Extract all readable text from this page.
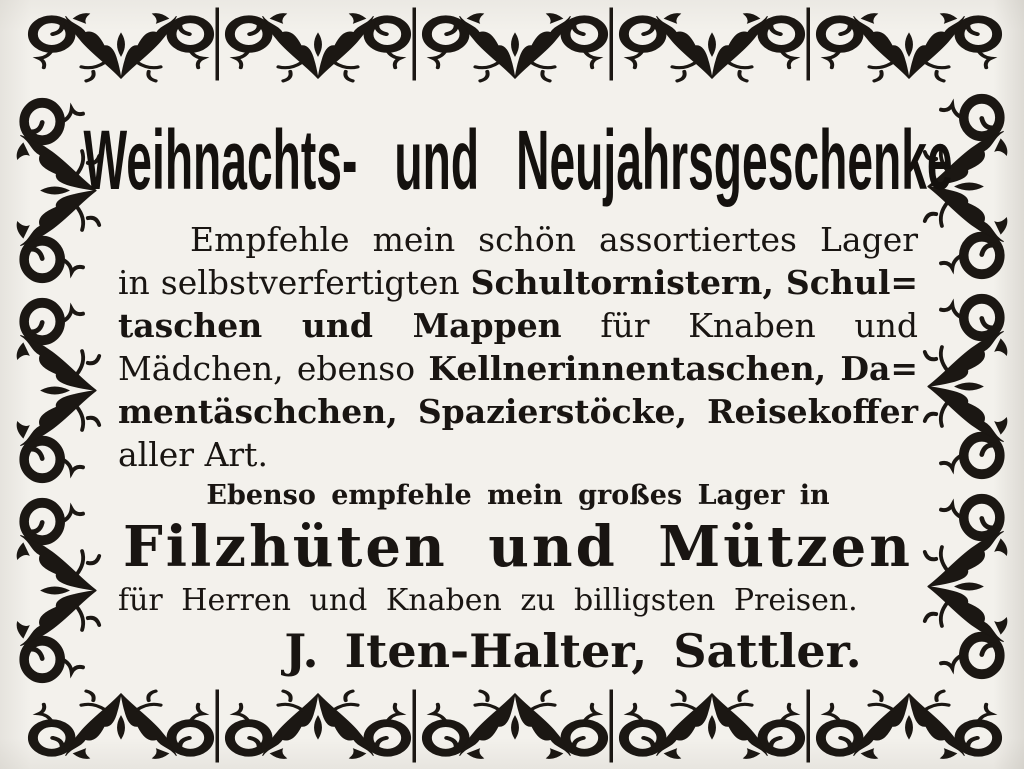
Weihnachts- und Neujahrsgeschenke
Empfehle mein schön assortiertes Lager
in selbstverfertigten Schultornistern, Schul=
taschen und Mappen für Knaben und
Mädchen, ebenso Kellnerinnentaschen, Da=
mentäschchen, Spazierstöcke, Reisekoffer
aller Art.
Ebenso empfehle mein großes Lager in
Filzhüten und Mützen
für Herren und Knaben zu billigsten Preisen.
J. Iten-Halter, Sattler.
